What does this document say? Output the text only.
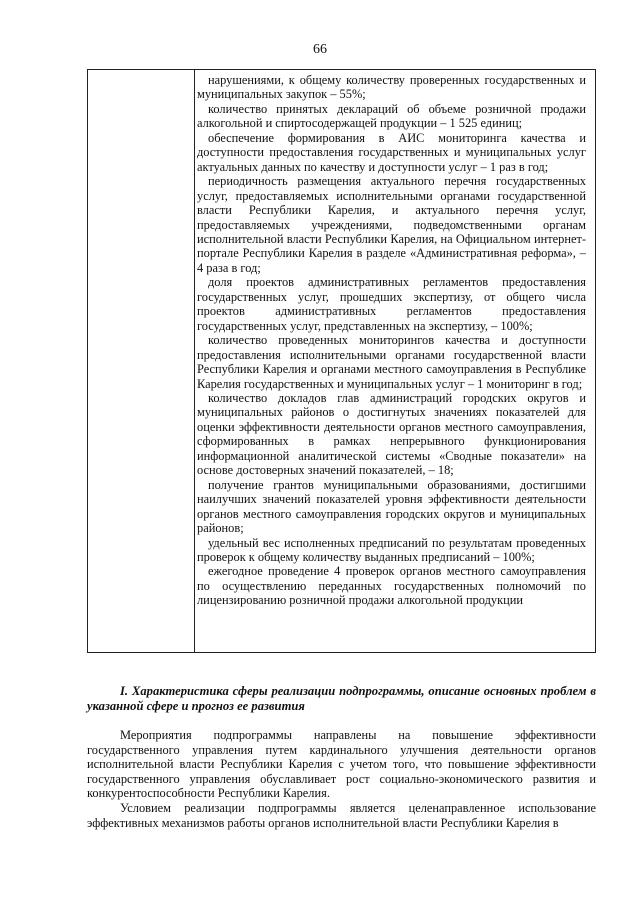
66

нарушениями, к общему количеству проверенных государственных и муниципальных закупок – 55%;

количество принятых деклараций об объеме розничной продажи алкогольной и спиртосодержащей продукции – 1 525 единиц;

обеспечение формирования в АИС мониторинга качества и доступности предоставления государственных и муниципальных услуг актуальных данных по качеству и доступности услуг – 1 раз в год;

периодичность размещения актуального перечня государственных услуг, предоставляемых исполнительными органами государственной власти Республики Карелия, и актуального перечня услуг, предоставляемых учреждениями, подведомственными органам исполнительной власти Республики Карелия, на Официальном интернет-портале Республики Карелия в разделе «Административная реформа», – 4 раза в год;

доля проектов административных регламентов предоставления государственных услуг, прошедших экспертизу, от общего числа проектов административных регламентов предоставления государственных услуг, представленных на экспертизу, – 100%;

количество проведенных мониторингов качества и доступности предоставления исполнительными органами государственной власти Республики Карелия и органами местного самоуправления в Республике Карелия государственных и муниципальных услуг – 1 мониторинг в год;

количество докладов глав администраций городских округов и муниципальных районов о достигнутых значениях показателей для оценки эффективности деятельности органов местного самоуправления, сформированных в рамках непрерывного функционирования информационной аналитической системы «Сводные показатели» на основе достоверных значений показателей, – 18;

получение грантов муниципальными образованиями, достигшими наилучших значений показателей уровня эффективности деятельности органов местного самоуправления городских округов и муниципальных районов;

удельный вес исполненных предписаний по результатам проведенных проверок к общему количеству выданных предписаний – 100%;

ежегодное проведение 4 проверок органов местного самоуправления по осуществлению переданных государственных полномочий по лицензированию розничной продажи алкогольной продукции

I. Характеристика сферы реализации подпрограммы, описание основных проблем в указанной сфере и прогноз ее развития

Мероприятия подпрограммы направлены на повышение эффективности государственного управления путем кардинального улучшения деятельности органов исполнительной власти Республики Карелия с учетом того, что повышение эффективности государственного управления обуславливает рост социально-экономического развития и конкурентоспособности Республики Карелия.

Условием реализации подпрограммы является целенаправленное использование эффективных механизмов работы органов исполнительной власти Республики Карелия в
